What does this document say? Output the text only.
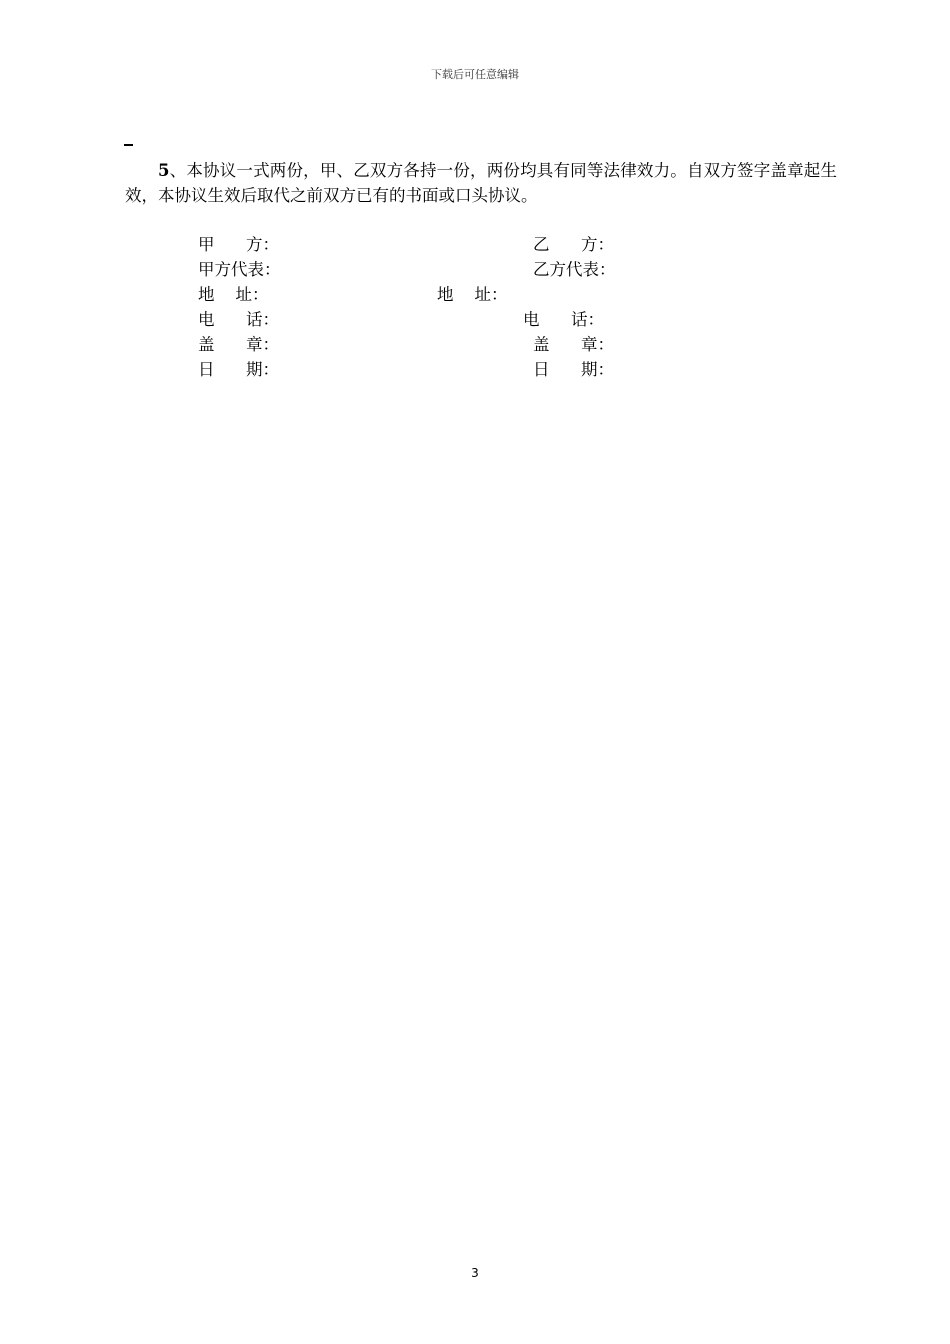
下载后可任意编辑

5、本协议一式两份，甲、乙双方各持一份，两份均具有同等法律效力。自双方签字盖章起生效，本协议生效后取代之前双方已有的书面或口头协议。

甲      方：
甲方代表：
地    址：
电      话：
盖      章：
日      期：
乙      方：
乙方代表：
地    址：
电      话：
盖      章：
日      期：
3
